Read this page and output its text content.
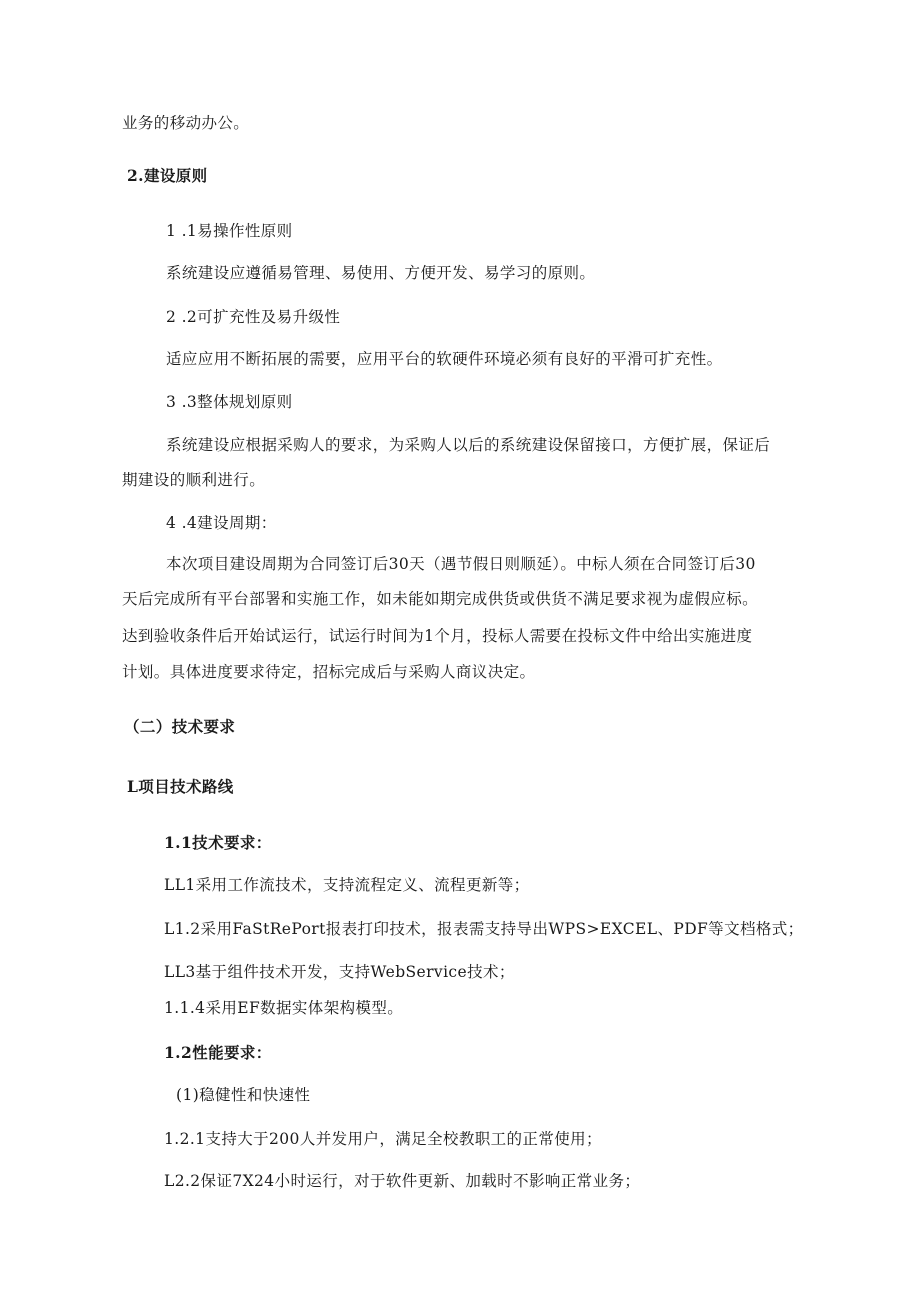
业务的移动办公。
2.建设原则
1 .1易操作性原则
系统建设应遵循易管理、易使用、方便开发、易学习的原则。
2 .2可扩充性及易升级性
适应应用不断拓展的需要，应用平台的软硬件环境必须有良好的平滑可扩充性。
3 .3整体规划原则
系统建设应根据采购人的要求，为采购人以后的系统建设保留接口，方便扩展，保证后
期建设的顺利进行。
4 .4建设周期：
本次项目建设周期为合同签订后30天（遇节假日则顺延）。中标人须在合同签订后30
天后完成所有平台部署和实施工作，如未能如期完成供货或供货不满足要求视为虚假应标。
达到验收条件后开始试运行，试运行时间为1个月，投标人需要在投标文件中给出实施进度
计划。具体进度要求待定，招标完成后与采购人商议决定。
（二）技术要求
L项目技术路线
1.1技术要求：
LL1采用工作流技术，支持流程定义、流程更新等；
L1.2采用FaStRePort报表打印技术，报表需支持导出WPS>EXCEL、PDF等文档格式；
LL3基于组件技术开发，支持WebService技术；
1.1.4采用EF数据实体架构模型。
1.2性能要求：
(1)稳健性和快速性
1.2.1支持大于200人并发用户，满足全校教职工的正常使用；
L2.2保证7X24小时运行，对于软件更新、加载时不影响正常业务；
